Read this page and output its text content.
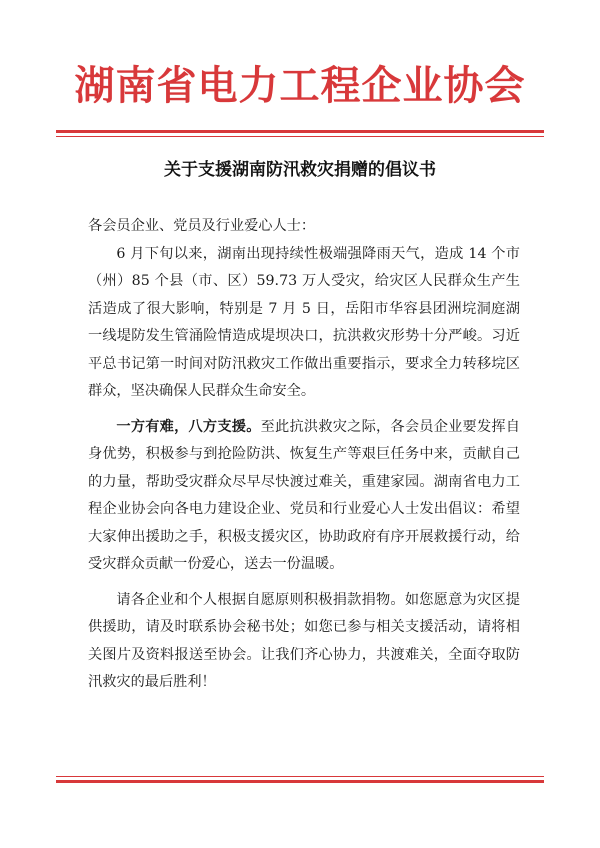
湖南省电力工程企业协会
关于支援湖南防汛救灾捐赠的倡议书

各会员企业、党员及行业爱心人士：

6 月下旬以来，湖南出现持续性极端强降雨天气，造成 14 个市（州）85 个县（市、区）59.73 万人受灾，给灾区人民群众生产生活造成了很大影响，特别是 7 月 5 日，岳阳市华容县团洲垸洞庭湖一线堤防发生管涌险情造成堤坝决口，抗洪救灾形势十分严峻。习近平总书记第一时间对防汛救灾工作做出重要指示，要求全力转移垸区群众，坚决确保人民群众生命安全。

一方有难，八方支援。至此抗洪救灾之际，各会员企业要发挥自身优势，积极参与到抢险防洪、恢复生产等艰巨任务中来，贡献自己的力量，帮助受灾群众尽早尽快渡过难关，重建家园。湖南省电力工程企业协会向各电力建设企业、党员和行业爱心人士发出倡议：希望大家伸出援助之手，积极支援灾区，协助政府有序开展救援行动，给受灾群众贡献一份爱心，送去一份温暖。

请各企业和个人根据自愿原则积极捐款捐物。如您愿意为灾区提供援助，请及时联系协会秘书处；如您已参与相关支援活动，请将相关图片及资料报送至协会。让我们齐心协力，共渡难关，全面夺取防汛救灾的最后胜利！
